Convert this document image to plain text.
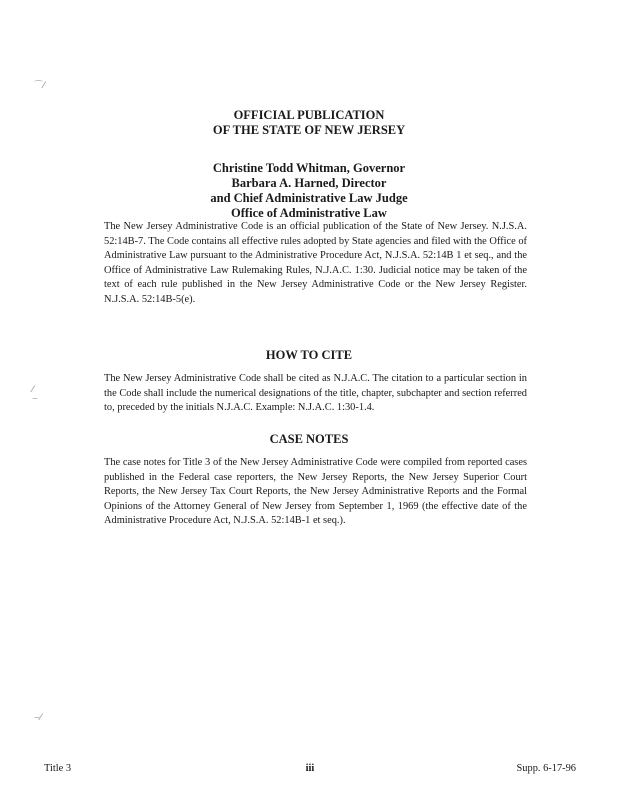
⌒⁄
⁄
⌣
⌣⁄
OFFICIAL PUBLICATION
OF THE STATE OF NEW JERSEY
Christine Todd Whitman, Governor
Barbara A. Harned, Director
and Chief Administrative Law Judge
Office of Administrative Law

The New Jersey Administrative Code is an official publication of the State of New Jersey. N.J.S.A. 52:14B-7. The Code contains all effective rules adopted by State agencies and filed with the Office of Administrative Law pursuant to the Administrative Procedure Act, N.J.S.A. 52:14B 1 et seq., and the Office of Administrative Law Rulemaking Rules, N.J.A.C. 1:30. Judicial notice may be taken of the text of each rule published in the New Jersey Administrative Code or the New Jersey Register. N.J.S.A. 52:14B-5(e).

HOW TO CITE

The New Jersey Administrative Code shall be cited as N.J.A.C. The citation to a particular section in the Code shall include the numerical designations of the title, chapter, subchapter and section referred to, preceded by the initials N.J.A.C. Example: N.J.A.C. 1:30-1.4.

CASE NOTES

The case notes for Title 3 of the New Jersey Administrative Code were compiled from reported cases published in the Federal case reporters, the New Jersey Reports, the New Jersey Superior Court Reports, the New Jersey Tax Court Reports, the New Jersey Administrative Reports and the Formal Opinions of the Attorney General of New Jersey from September 1, 1969 (the effective date of the Administrative Procedure Act, N.J.S.A. 52:14B-1 et seq.).

Title 3	iii	Supp. 6-17-96
